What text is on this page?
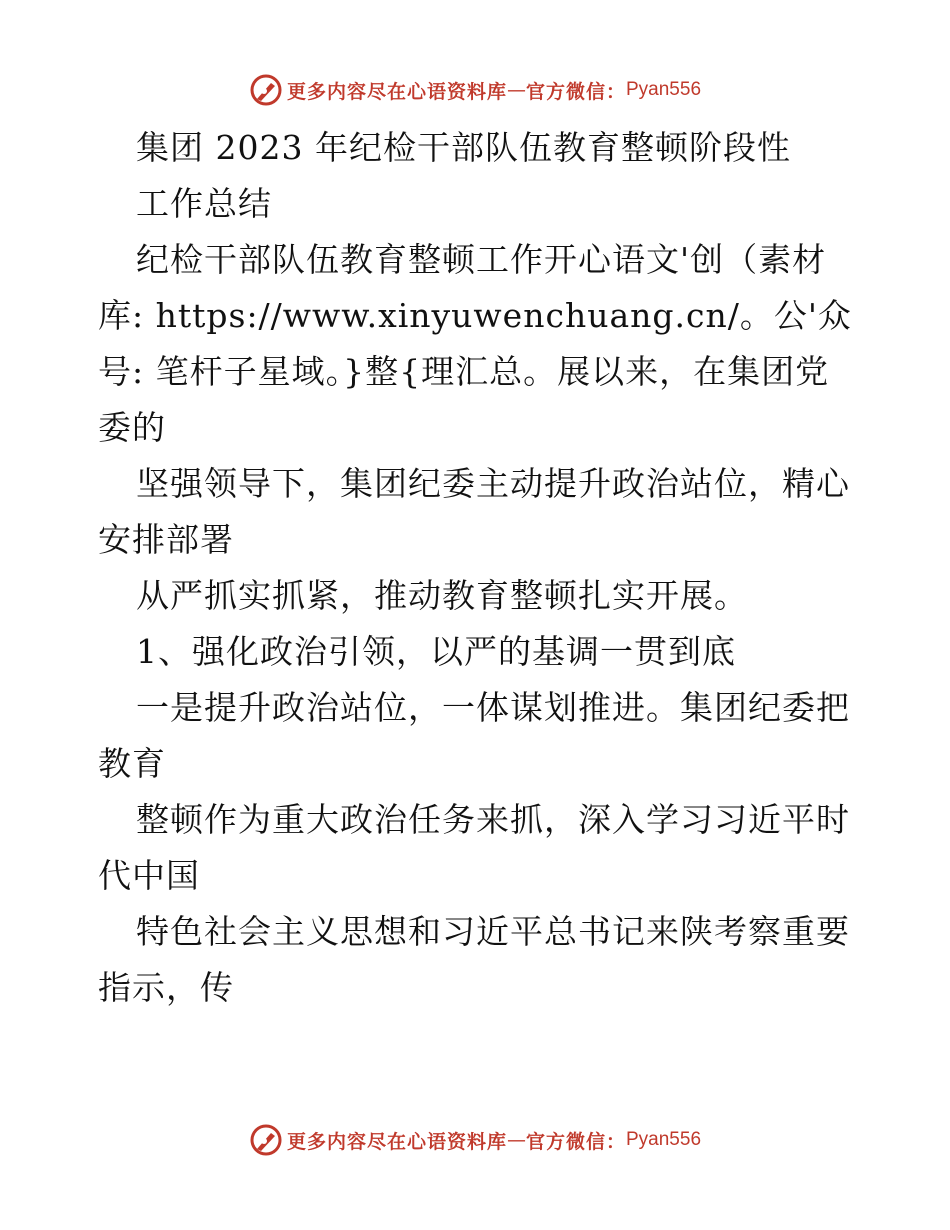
更多内容尽在心语资料库 — 官方微信： Pyan556
集团 2023 年纪检干部队伍教育整顿阶段性
工作总结
纪检干部队伍教育整顿工作开心语文'创（素材
库: https://www.xinyuwenchuang.cn/。公'众
号: 笔杆子星域。}整{理汇总。展以来，在集团党
委的
坚强领导下，集团纪委主动提升政治站位，精心
安排部署
从严抓实抓紧，推动教育整顿扎实开展。
1、强化政治引领，以严的基调一贯到底
一是提升政治站位，一体谋划推进。集团纪委把
教育
整顿作为重大政治任务来抓，深入学习习近平时
代中国
特色社会主义思想和习近平总书记来陕考察重要
指示，传
更多内容尽在心语资料库 — 官方微信： Pyan556
